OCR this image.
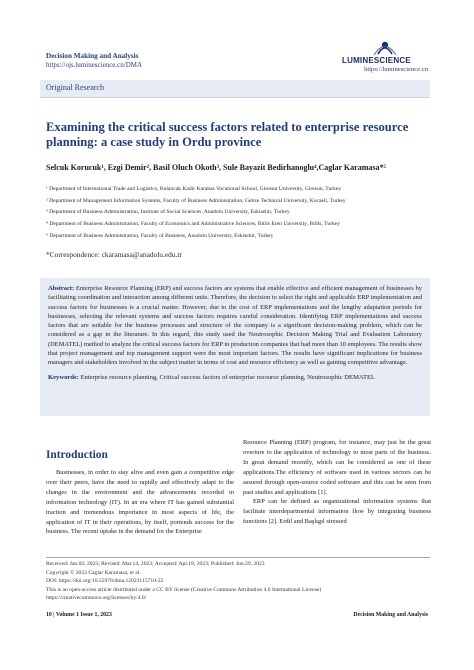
Decision Making and Analysis
https://ojs.luminescience.cn/DMA	LUMINESCIENCE
https://luminescience.cn
Original Research
Examining the critical success factors related to enterprise resource planning: a case study in Ordu province
Selcuk Korucuk¹, Ezgi Demir², Basil Oluch Okoth³, Sule Bayazit Bedirhanoglu⁴,Caglar Karamasa*⁵
¹ Department of International Trade and Logistics, Bulancak Kadir Karabas Vocational School, Giresun University, Giresun, Turkey
² Department of Management Information Systems, Faculty of Business Administration, Gebze Technical University, Kocaeli, Turkey
³ Department of Business Administration, Institute of Social Sciences, Anadolu University, Eskisehir, Turkey
⁴ Department of Business Administration, Faculty of Economics and Administrative Sciences, Bitlis Eren University, Bitlis, Turkey
⁵ Department of Business Administration, Faculty of Business, Anadolu University, Eskisehir, Turkey
*Correspondence: ckaramasa@anadolu.edu.tr
Abstract: Enterprise Resource Planning (ERP) and success factors are systems that enable effective and efficient management of businesses by facilitating coordination and interaction among different units. Therefore, the decision to select the right and applicable ERP implementation and success factors for businesses is a crucial matter. However, due to the cost of ERP implementations and the lengthy adaptation periods for businesses, selecting the relevant systems and success factors requires careful consideration. Identifying ERP implementations and success factors that are suitable for the business processes and structure of the company is a significant decision-making problem, which can be considered as a gap in the literature. In this regard, this study used the Neutrosophic Decision Making Trial and Evaluation Laboratory (DEMATEL) method to analyze the critical success factors for ERP in production companies that had more than 10 employees. The results show that project management and top management support were the most important factors. The results have significant implications for business managers and stakeholders involved in the subject matter in terms of cost and resource efficiency as well as gaining competitive advantage.
Keywords: Enterprise resource planning, Critical success factors of enterprise resource planning, Neutrosophic DEMATEL
Introduction

Businesses, in order to stay alive and even gain a competitive edge over their peers, have the need to rapidly and effectively adapt to the changes in the environment and the advancements recorded in information technology (IT). In an era where IT has gained substantial traction and tremendous importance in most aspects of life, the application of IT in their operations, by itself, portends success for the business. The recent uptake in the demand for the Enterprise

Resource Planning (ERP) program, for instance, may just be the great overture to the application of technology to most parts of the business. In great demand recently, which can be considered as one of these applications.The efficiency of software used in various sectors can be assured through open-source coded software and this can be seen from past studies and applications [1].

ERP can be defined as organizational information systems that facilitate interdepartmental information flow by integrating business functions [2]. Erdil and Başlıgıl stressed

Received: Jan.02, 2023; Revised: Mar.14, 2023; Accepted: Apr.18, 2023; Published: Jun.29, 2023
Copyright © 2023 Caglar Karamasa, et al.
DOI: https://doi.org/10.55976/dma.12023115710-22
This is an open-access article distributed under a CC BY license (Creative Commons Attribution 4.0 International License)
https://creativecommons.org/licenses/by/4.0/
10 | Volume 1 Issue 1, 2023	Decision Making and Analysis
